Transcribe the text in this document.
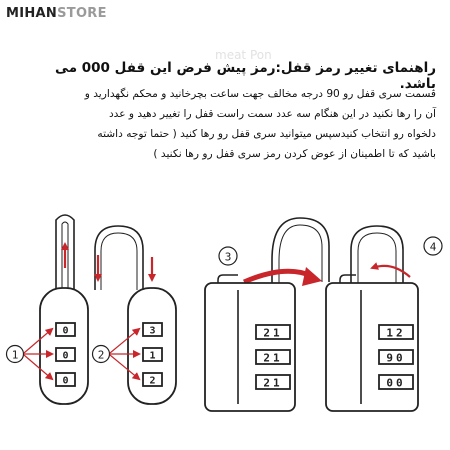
MIHANSTORE
meat Pon
راهنمای تغییر رمز قفل:رمز پیش فرض این قفل 000 می باشد.
قسمت سری قفل رو 90 درجه مخالف جهت ساعت بچرخانید و محکم نگهدارید و
آن را رها نکنید در این هنگام سه عدد سمت راست قفل را تغییر دهید و عدد
دلخواه رو انتخاب کنیدسپس میتوانید سری قفل رو رها کنید ( حتما توجه داشته
باشید که تا اطمینان از عوض کردن رمز سری قفل رو رها نکنید )
0
0
0
1
3
1
2
2
21
21
21
3
12
90
00
4
